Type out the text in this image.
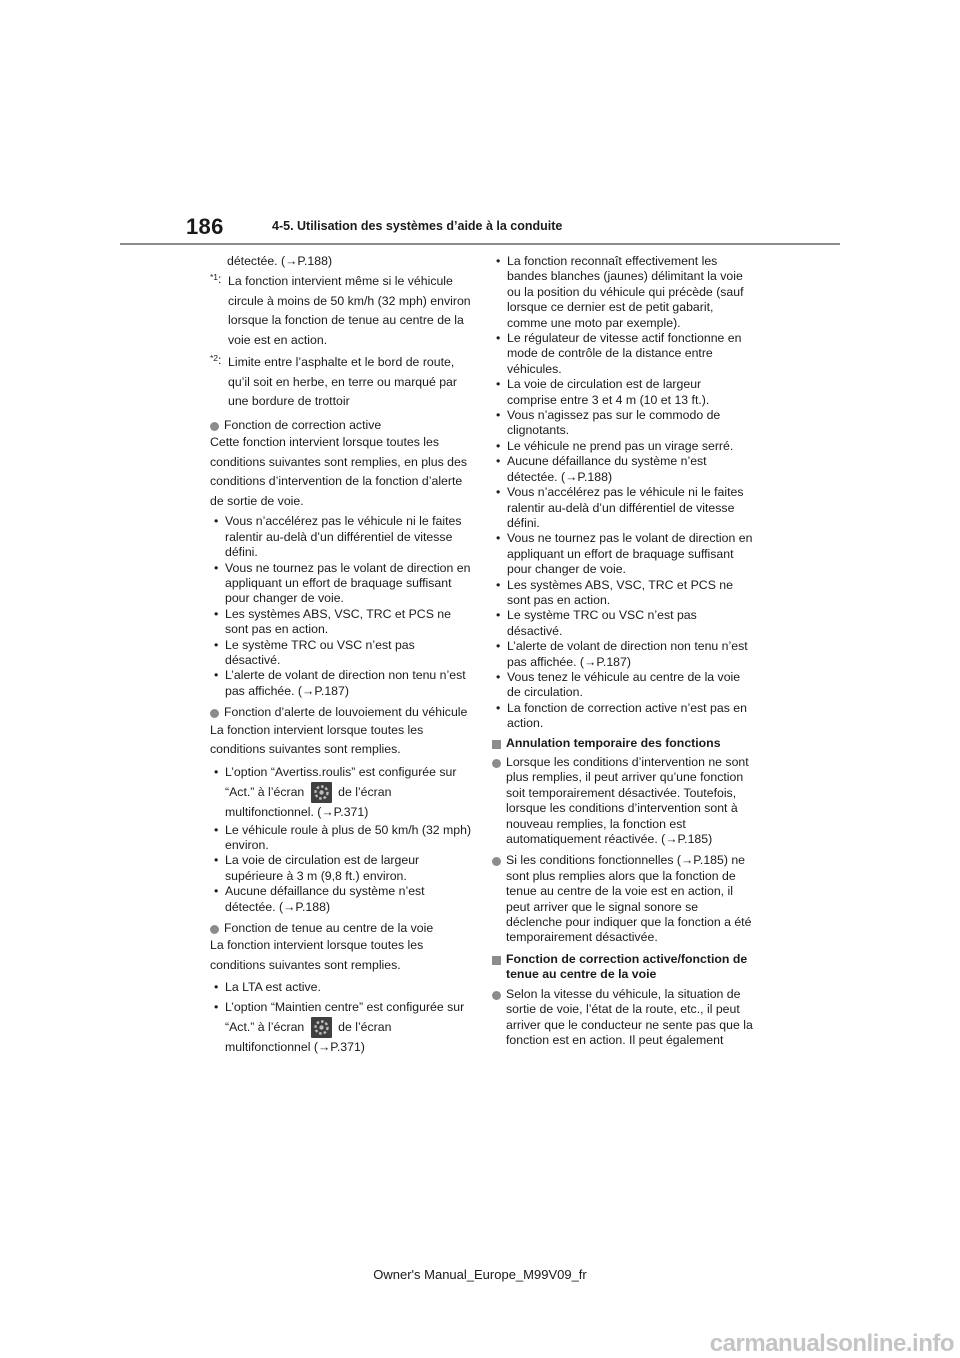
186	4-5. Utilisation des systèmes d’aide à la conduite

détectée. (→P.188)

$^{*1}$: La fonction intervient même si le véhicule circule à moins de 50 km/h (32 mph) environ lorsque la fonction de tenue au centre de la voie est en action.
$^{*2}$: Limite entre l’asphalte et le bord de route, qu’il soit en herbe, en terre ou marqué par une bordure de trottoir
Fonction de correction active

Cette fonction intervient lorsque toutes les conditions suivantes sont remplies, en plus des conditions d’intervention de la fonction d’alerte de sortie de voie.

• Vous n’accélérez pas le véhicule ni le faites ralentir au-delà d’un différentiel de vitesse défini.
• Vous ne tournez pas le volant de direction en appliquant un effort de braquage suffisant pour changer de voie.
• Les systèmes ABS, VSC, TRC et PCS ne sont pas en action.
• Le système TRC ou VSC n’est pas désactivé.
• L’alerte de volant de direction non tenu n’est pas affichée. (→P.187)
Fonction d’alerte de louvoiement du véhicule

La fonction intervient lorsque toutes les conditions suivantes sont remplies.

• L’option “Avertiss.roulis” est configurée sur “Act.” à l’écran	de l’écran multifonctionnel. (→P.371)
• Le véhicule roule à plus de 50 km/h (32 mph) environ.
• La voie de circulation est de largeur supérieure à 3 m (9,8 ft.) environ.
• Aucune défaillance du système n’est détectée. (→P.188)
Fonction de tenue au centre de la voie

La fonction intervient lorsque toutes les conditions suivantes sont remplies.

• La LTA est active.
• L’option “Maintien centre” est configurée sur “Act.” à l’écran	de l’écran multifonctionnel (→P.371)
• La fonction reconnaît effectivement les bandes blanches (jaunes) délimitant la voie ou la position du véhicule qui précède (sauf lorsque ce dernier est de petit gabarit, comme une moto par exemple).
• Le régulateur de vitesse actif fonctionne en mode de contrôle de la distance entre véhicules.
• La voie de circulation est de largeur comprise entre 3 et 4 m (10 et 13 ft.).
• Vous n’agissez pas sur le commodo de clignotants.
• Le véhicule ne prend pas un virage serré.
• Aucune défaillance du système n’est détectée. (→P.188)
• Vous n’accélérez pas le véhicule ni le faites ralentir au-delà d’un différentiel de vitesse défini.
• Vous ne tournez pas le volant de direction en appliquant un effort de braquage suffisant pour changer de voie.
• Les systèmes ABS, VSC, TRC et PCS ne sont pas en action.
• Le système TRC ou VSC n’est pas désactivé.
• L’alerte de volant de direction non tenu n’est pas affichée. (→P.187)
• Vous tenez le véhicule au centre de la voie de circulation.
• La fonction de correction active n’est pas en action.
Annulation temporaire des fonctions
Lorsque les conditions d’intervention ne sont plus remplies, il peut arriver qu’une fonction soit temporairement désactivée. Toutefois, lorsque les conditions d’intervention sont à nouveau remplies, la fonction est automatiquement réactivée. (→P.185)
Si les conditions fonctionnelles (→P.185) ne sont plus remplies alors que la fonction de tenue au centre de la voie est en action, il peut arriver que le signal sonore se déclenche pour indiquer que la fonction a été temporairement désactivée.
Fonction de correction active/fonction de tenue au centre de la voie
Selon la vitesse du véhicule, la situation de sortie de voie, l’état de la route, etc., il peut arriver que le conducteur ne sente pas que la fonction est en action. Il peut également
Owner's Manual_Europe_M99V09_fr
carmanualsonline.info
